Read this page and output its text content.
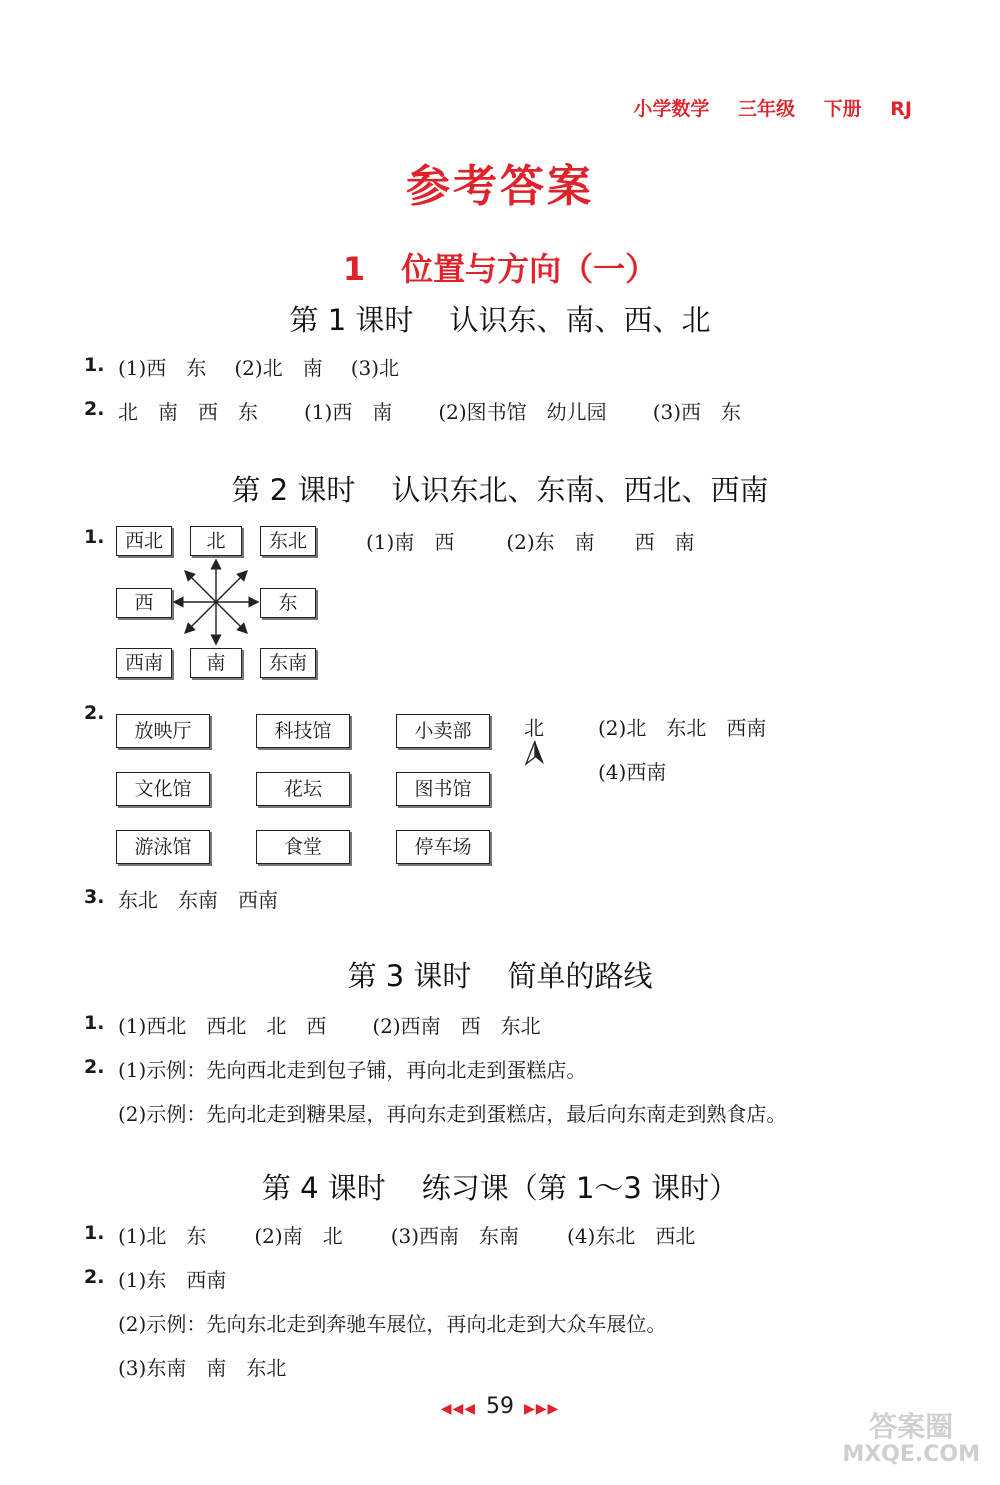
小学数学 三年级 下册 RJ
参考答案
1 位置与方向（一）
第 1 课时 认识东、南、西、北
1. (1)西　东 (2)北　南 (3)北
2. 北　南　西　东 (1)西　南 (2)图书馆　幼儿园 (3)西　东
第 2 课时 认识东北、东南、西北、西南
1.	西北	北	东北
西	东
西南	南	东南
(1)南　西	(2)东　南　　西　南
2.
放映厅	科技馆	小卖部
文化馆	花坛	图书馆
游泳馆	食堂	停车场
北	(2)北　东北　西南
(4)西南
3. 东北　东南　西南
第 3 课时 简单的路线
1. (1)西北　西北　北　西 (2)西南　西　东北
2. (1)示例：先向西北走到包子铺，再向北走到蛋糕店。
(2)示例：先向北走到糖果屋，再向东走到蛋糕店，最后向东南走到熟食店。
第 4 课时 练习课（第 1～3 课时）
1. (1)北　东 (2)南　北 (3)西南　东南 (4)东北　西北
2. (1)东　西南
(2)示例：先向东北走到奔驰车展位，再向北走到大众车展位。
(3)东南　南　东北
◀◀◀ 59 ▶▶▶
答案圈
MXQE.COM
